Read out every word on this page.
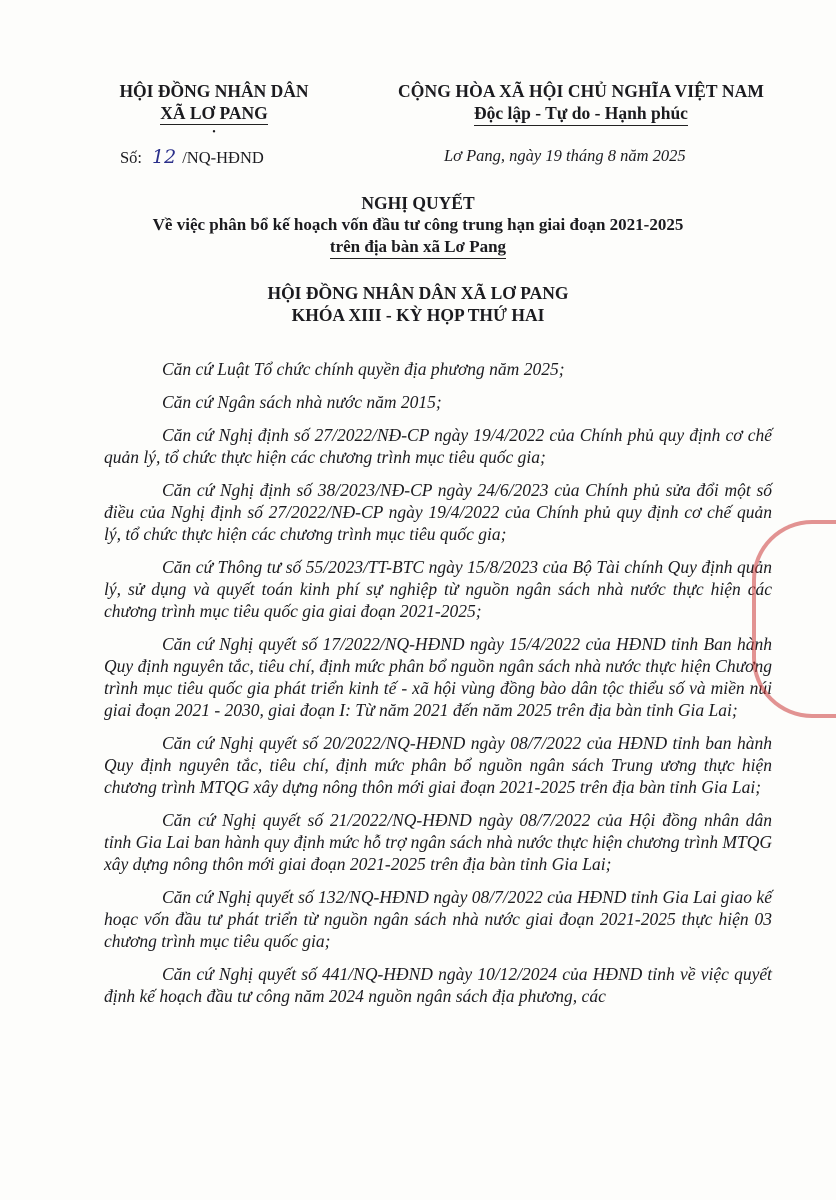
HỘI ĐỒNG NHÂN DÂN
XÃ LƠ PANG
•
CỘNG HÒA XÃ HỘI CHỦ NGHĨA VIỆT NAM
Độc lập - Tự do - Hạnh phúc
Số: 12 /NQ-HĐND	Lơ Pang, ngày 19 tháng 8 năm 2025
NGHỊ QUYẾT
Về việc phân bổ kế hoạch vốn đầu tư công trung hạn giai đoạn 2021-2025
trên địa bàn xã Lơ Pang
HỘI ĐỒNG NHÂN DÂN XÃ LƠ PANG
KHÓA XIII - KỲ HỌP THỨ HAI

Căn cứ Luật Tổ chức chính quyền địa phương năm 2025;

Căn cứ Ngân sách nhà nước năm 2015;

Căn cứ Nghị định số 27/2022/NĐ-CP ngày 19/4/2022 của Chính phủ quy định cơ chế quản lý, tổ chức thực hiện các chương trình mục tiêu quốc gia;

Căn cứ Nghị định số 38/2023/NĐ-CP ngày 24/6/2023 của Chính phủ sửa đổi một số điều của Nghị định số 27/2022/NĐ-CP ngày 19/4/2022 của Chính phủ quy định cơ chế quản lý, tổ chức thực hiện các chương trình mục tiêu quốc gia;

Căn cứ Thông tư số 55/2023/TT-BTC ngày 15/8/2023 của Bộ Tài chính Quy định quản lý, sử dụng và quyết toán kinh phí sự nghiệp từ nguồn ngân sách nhà nước thực hiện các chương trình mục tiêu quốc gia giai đoạn 2021-2025;

Căn cứ Nghị quyết số 17/2022/NQ-HĐND ngày 15/4/2022 của HĐND tỉnh Ban hành Quy định nguyên tắc, tiêu chí, định mức phân bổ nguồn ngân sách nhà nước thực hiện Chương trình mục tiêu quốc gia phát triển kinh tế - xã hội vùng đồng bào dân tộc thiểu số và miền núi giai đoạn 2021 - 2030, giai đoạn I: Từ năm 2021 đến năm 2025 trên địa bàn tỉnh Gia Lai;

Căn cứ Nghị quyết số 20/2022/NQ-HĐND ngày 08/7/2022 của HĐND tỉnh ban hành Quy định nguyên tắc, tiêu chí, định mức phân bổ nguồn ngân sách Trung ương thực hiện chương trình MTQG xây dựng nông thôn mới giai đoạn 2021-2025 trên địa bàn tỉnh Gia Lai;

Căn cứ Nghị quyết số 21/2022/NQ-HĐND ngày 08/7/2022 của Hội đồng nhân dân tỉnh Gia Lai ban hành quy định mức hỗ trợ ngân sách nhà nước thực hiện chương trình MTQG xây dựng nông thôn mới giai đoạn 2021-2025 trên địa bàn tỉnh Gia Lai;

Căn cứ Nghị quyết số 132/NQ-HĐND ngày 08/7/2022 của HĐND tỉnh Gia Lai giao kế hoạc vốn đầu tư phát triển từ nguồn ngân sách nhà nước giai đoạn 2021-2025 thực hiện 03 chương trình mục tiêu quốc gia;

Căn cứ Nghị quyết số 441/NQ-HĐND ngày 10/12/2024 của HĐND tỉnh về việc quyết định kế hoạch đầu tư công năm 2024 nguồn ngân sách địa phương, các
